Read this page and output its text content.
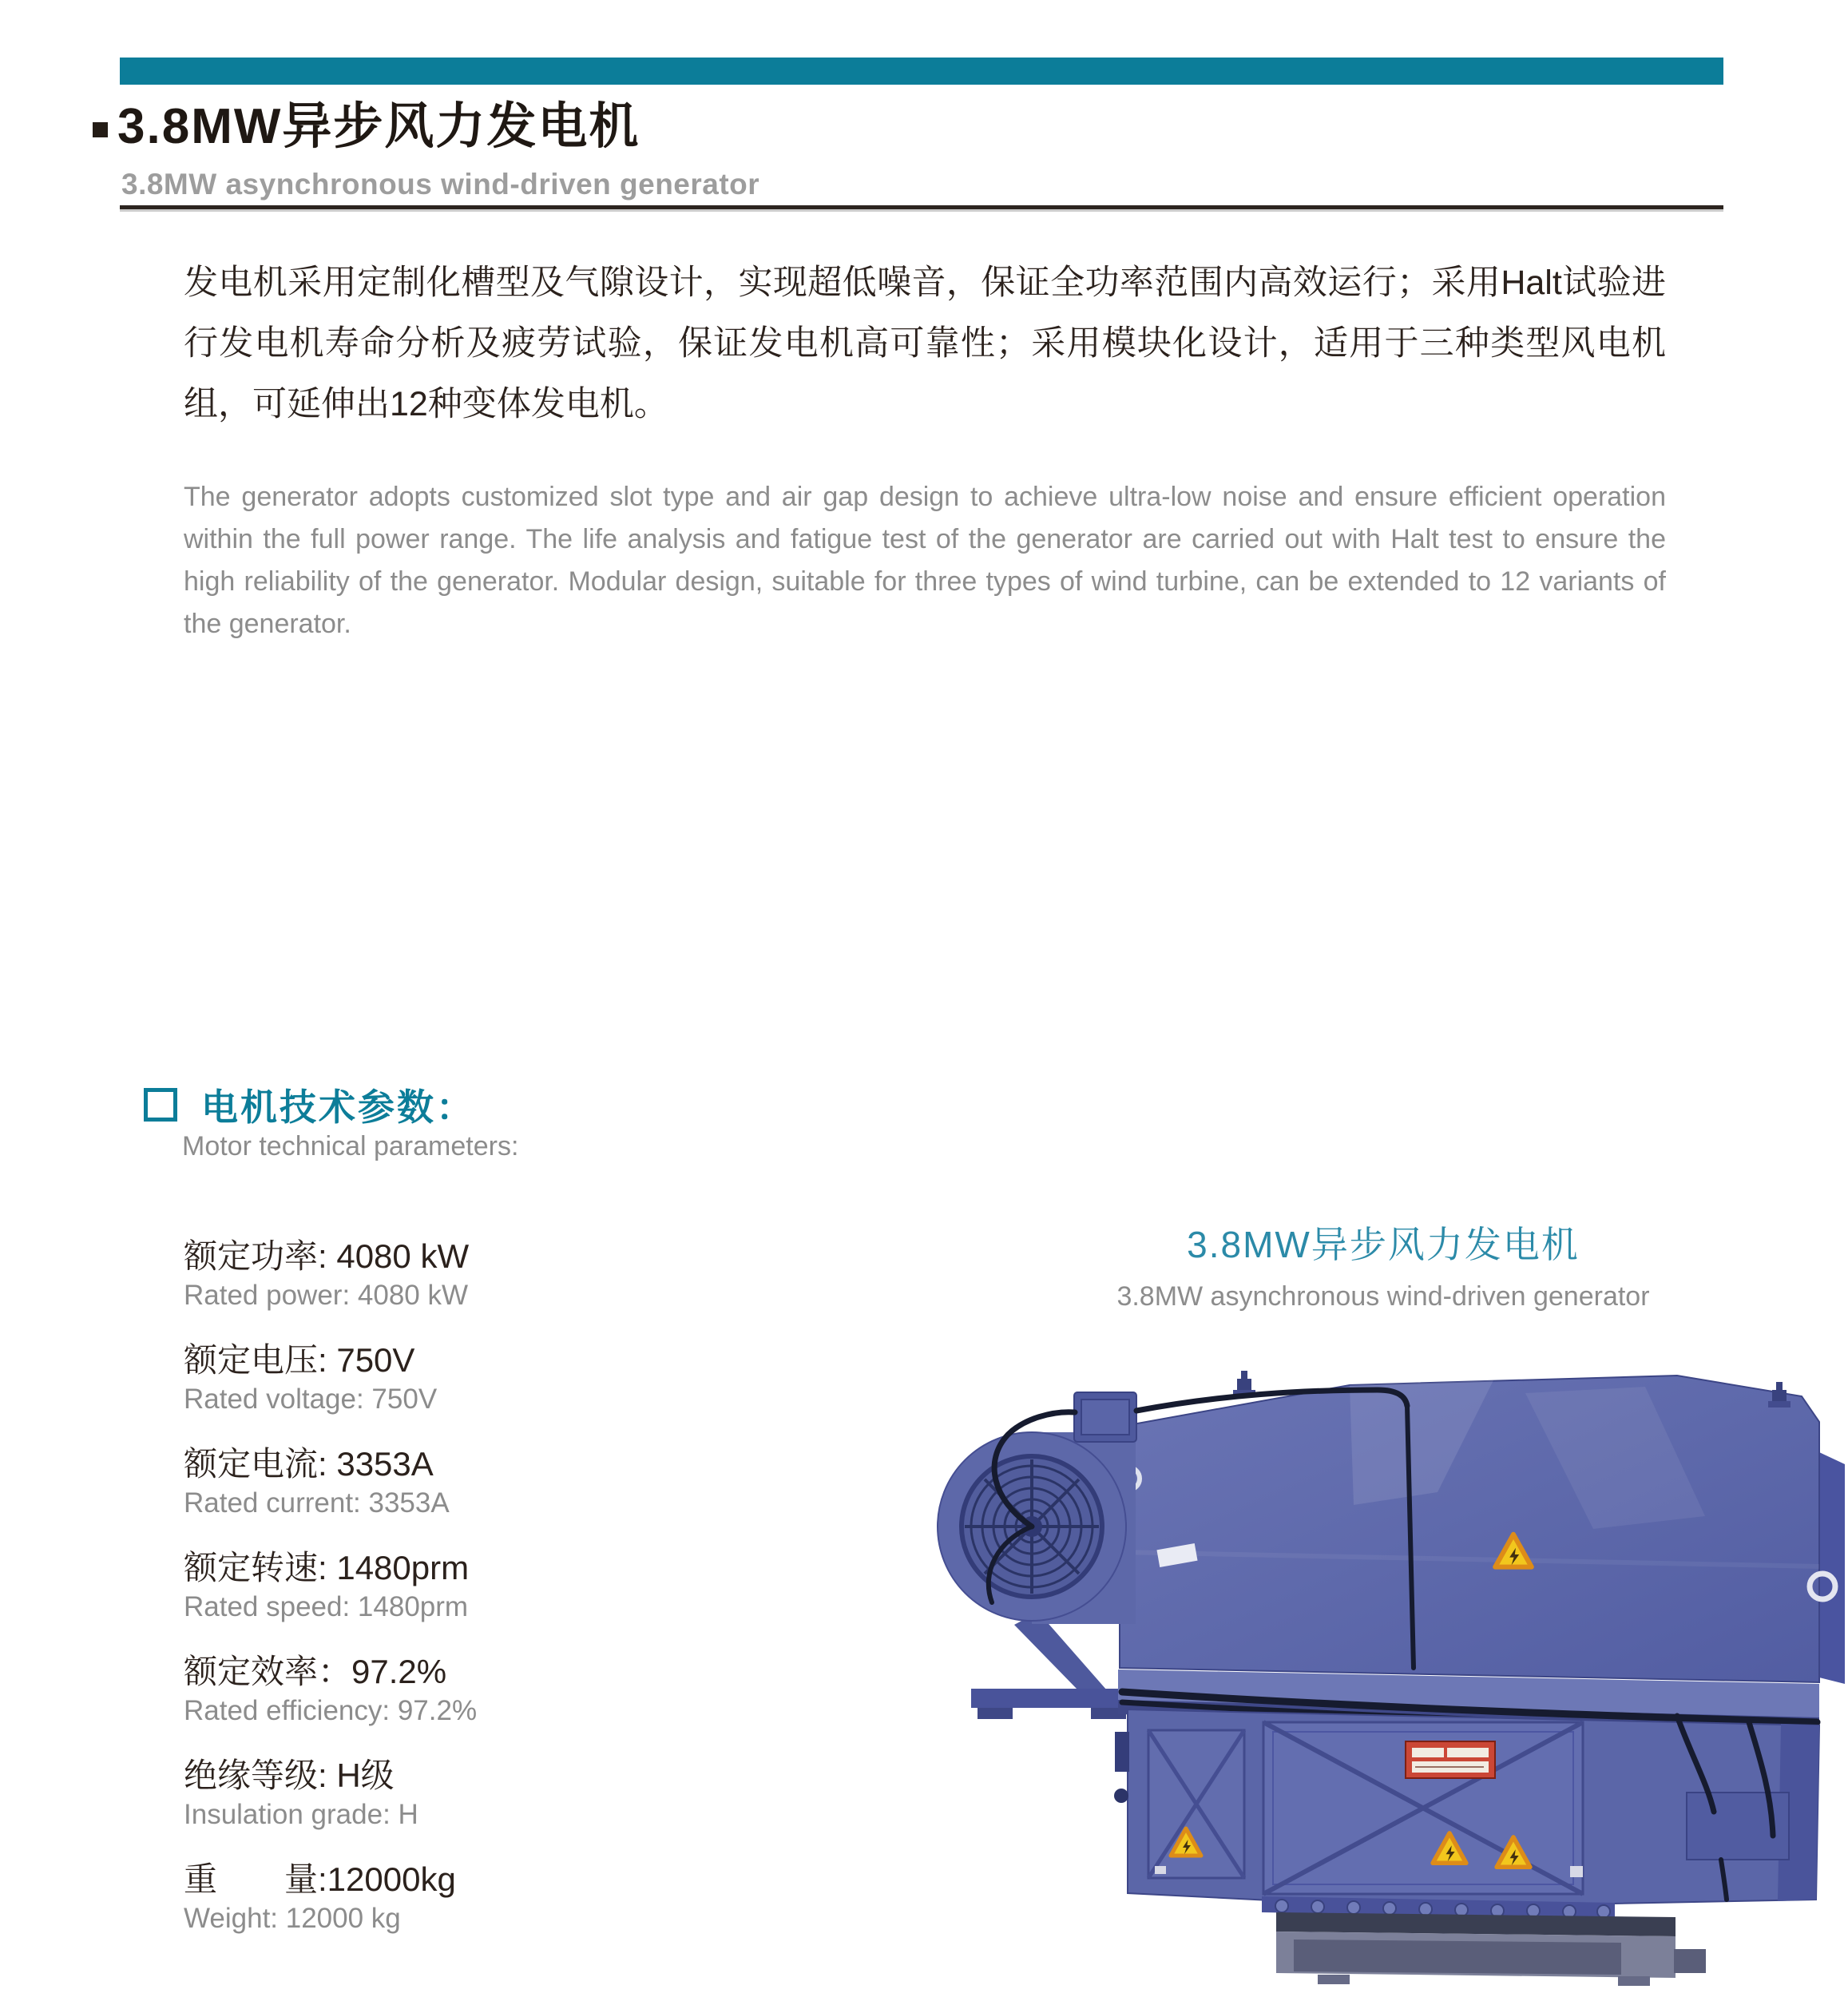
3.8MW异步风力发电机
3.8MW asynchronous wind-driven generator

发电机采用定制化槽型及气隙设计，实现超低噪音，保证全功率范围内高效运行；采用Halt试验进行发电机寿命分析及疲劳试验，保证发电机高可靠性；采用模块化设计，适用于三种类型风电机组，可延伸出12种变体发电机。

The generator adopts customized slot type and air gap design to achieve ultra-low noise and ensure efficient operation within the full power range. The life analysis and fatigue test of the generator are carried out with Halt test to ensure the high reliability of the generator. Modular design, suitable for three types of wind turbine, can be extended to 12 variants of the generator.

电机技术参数：
Motor technical parameters:
额定功率: 4080 kW
Rated power: 4080 kW
额定电压: 750V
Rated voltage: 750V
额定电流: 3353A
Rated current: 3353A
额定转速: 1480prm
Rated speed: 1480prm
额定效率：97.2%
Rated efficiency: 97.2%
绝缘等级: H级
Insulation grade: H
重　　量:12000kg
Weight: 12000 kg
3.8MW异步风力发电机
3.8MW asynchronous wind-driven generator
